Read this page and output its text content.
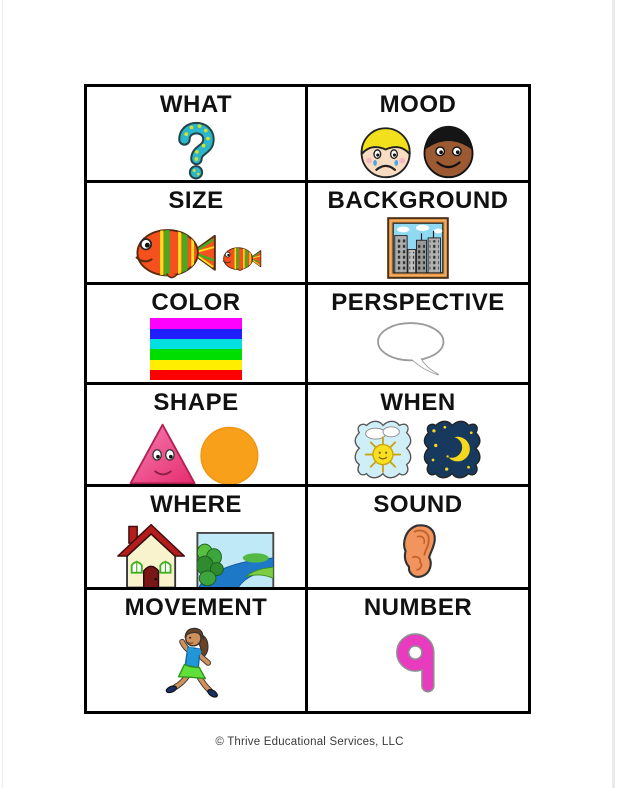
WHAT	MOOD
SIZE	BACKGROUND
COLOR	PERSPECTIVE
SHAPE	WHEN
WHERE	SOUND
MOVEMENT	NUMBER
© Thrive Educational Services, LLC
